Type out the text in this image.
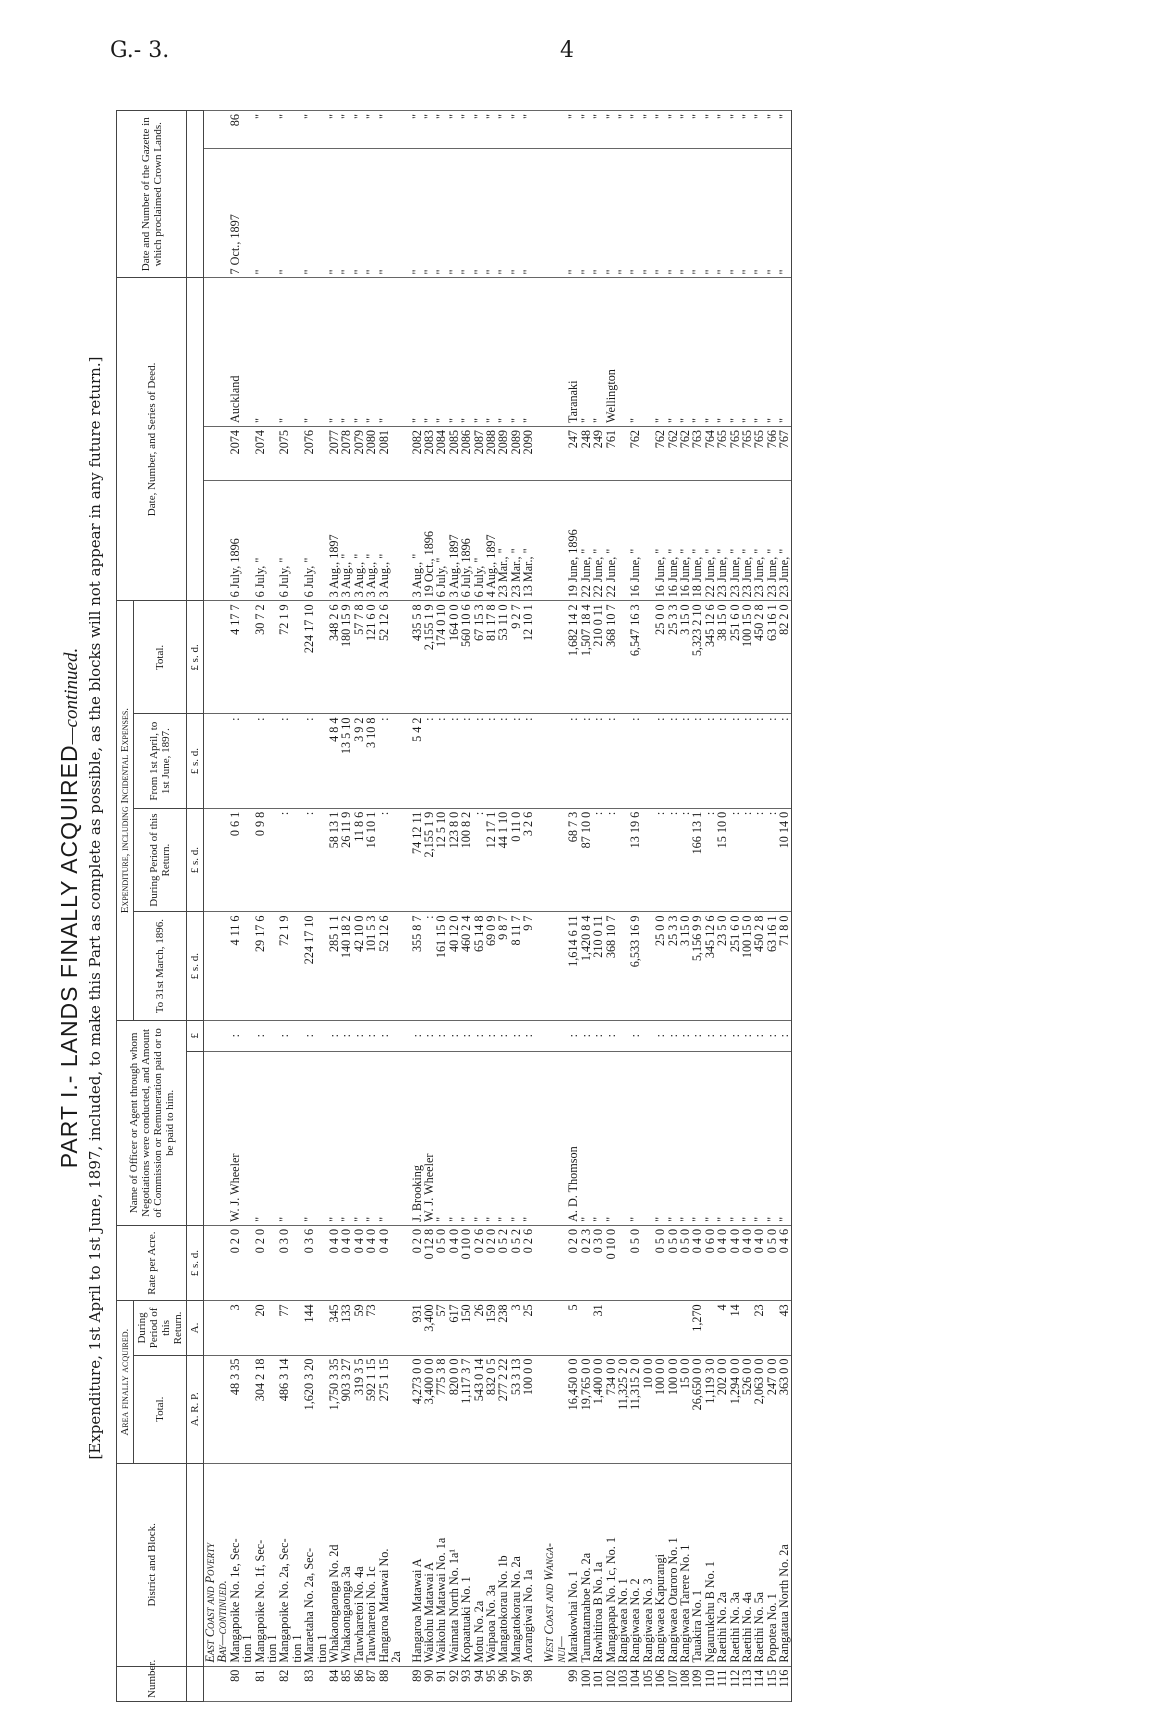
G.- 3.	4
PART I.- LANDS FINALLY ACQUIRED—continued. [Expenditure, 1st April to 1st June, 1897, included, to make this Part as complete as possible, as the blocks will not appear in any future return.]
Number.	District and Block.	Area finally acquired.		Rate per Acre.	Name of Officer or Agent through whom Negotiations were conducted, and Amount of Commission or Remuneration paid or to be paid to him.		Expenditure, including Incidental Expenses.				Date, Number, and Series of Deed.			Date and Number of the Gazette in which proclaimed Crown Lands.	
		Total.	During Period of this Return.				To 31st March, 1896.	During Period of this Return.	From 1st April, to 1st June, 1897.	Total.					
		A. R. P.	A.	£ s. d.		£	£ s. d.	£ s. d.	£ s. d.	£ s. d.					
	East Coast and Poverty														
	Bay—continued.														
80	Mangapoike No. 1e, Sec-	48 3 35	3	0 2 0	W. J. Wheeler	:	4 11 6	0 6 1	:	4 17 7	6 July, 1896	2074	Auckland	7 Oct., 1897	86
	tion 1														
81	Mangapoike No. 1f, Sec-	304 2 18	20	0 2 0	"	:	29 17 6	0 9 8	:	30 7 2	6 July, "	2074	"	"	"
	tion 1														
82	Mangapoike No. 2a, Sec-	486 3 14	77	0 3 0	"	:	72 1 9	:	:	72 1 9	6 July, "	2075	"	"	"
	tion 1														
83	Maraetaha No. 2a, Sec-	1,620 3 20	144	0 3 6	"	:	224 17 10	:	:	224 17 10	6 July, "	2076	"	"	"
	tion 1														
84	Whakaongaonga No. 2d	1,750 3 35	345	0 4 0	"	:	285 1 1	58 13 1	4 8 4	348 2 6	3 Aug., 1897	2077	"	"	"
85	Whakaongaonga 3a	903 3 27	133	0 4 0	"	:	140 18 2	26 11 9	13 5 10	180 15 9	3 Aug., "	2078	"	"	"
86	Tauwharetoi No. 4a	319 3 5	59	0 4 0	"	:	42 10 0	11 8 6	3 9 2	57 7 8	3 Aug., "	2079	"	"	"
87	Tauwharetoi No. 1c	592 1 15	73	0 4 0	"	:	101 5 3	16 10 1	3 10 8	121 6 0	3 Aug., "	2080	"	"	"
88	Hangaroa Matawai No.	275 1 15		0 4 0	"	:	52 12 6	:	:	52 12 6	3 Aug., "	2081	"	"	"
	2a														

89	Hangaroa Matawai A	4,273 0 0	931	0 2 0	J. Brooking	:	355 8 7	74 12 11	5 4 2	435 5 8	3 Aug., "	2082	"	"	"
90	Waikohu Matawai A	3,400 0 0	3,400	0 12 8	W. J. Wheeler	:	:	2,155 1 9	:	2,155 1 9	19 Oct., 1896	2083	"	"	"
91	Waikohu Matawai No. 1a	775 3 8	57	0 5 0	"	:	161 15 0	12 5 10	:	174 0 10	6 July, "	2084	"	"	"
92	Waimata North No. 1a¹	820 0 0	617	0 4 0	"	:	40 12 0	123 8 0	:	164 0 0	3 Aug., 1897	2085	"	"	"
93	Kopaatuaki No. 1	1,117 3 7	150	0 10 0	"	:	460 2 4	100 8 2	:	560 10 6	6 July, 1896	2086	"	"	"
94	Motu No. 2a	543 0 14	26	0 2 6	"	:	65 14 8	:	:	67 15 3	6 July, "	2087	"	"	"
95	Waipaoa No. 3a	832 0 5	159	0 2 0	"	:	69 0 9	12 17 1	:	81 17 8	4 Aug., 1897	2088	"	"	"
96	Mangatokorau No. 1b	277 2 22	238	0 5 2	"	:	9 8 7	44 1 10	:	53 11 0	23 Mar., "	2089	"	"	"
97	Mangatokorau No. 2a	53 3 13	3	0 5 2	"	:	8 11 7	0 11 0	:	9 2 7	23 Mar., "	2089	"	"	"
98	Aorangiwai No. 1a	100 0 0	25	0 2 6	"	:	9 7	3 2 6	:	12 10 1	13 Mar., "	2090	"	"	"

	West Coast and Wanga-														
	nui—														
99	Marakowhai No. 1	16,450 0 0	5	0 2 0	A. D. Thomson	:	1,614 6 11	68 7 3	:	1,682 14 2	19 June, 1896	247	Taranaki	"	"
100	Taumatamahoe No. 2a	19,765 0 0		0 2 3	"	:	1,420 8 4	87 10 0	:	1,507 18 4	22 June, "	248	"	"	"
101	Rawhitiroa B No. 1a	1,400 0 0	31	0 3 0	"	:	210 0 11	:	:	210 0 11	22 June, "	249	"	"	"
102	Mangapapa No. 1c, No. 1	734 0 0		0 10 0	"	:	368 10 7	:	:	368 10 7	22 June, "	761	Wellington	"	"
103	Rangiwaea No. 1	11,325 2 0												"	"
104	Rangiwaea No. 2	11,315 2 0		0 5 0	"	:	6,533 16 9	13 19 6	:	6,547 16 3	16 June, "	762	"	"	"
105	Rangiwaea No. 3	10 0 0												"	"
106	Rangiwaea Kapurangi	100 0 0		0 5 0	"	:	25 0 0	:	:	25 0 0	16 June, "	762	"	"	"
107	Rangiwaea Otaroro No. 1	100 0 0		0 5 0	"	:	25 3 3	:	:	25 3 3	16 June, "	762	"	"	"
108	Rangiwaea Tarere No. 1	15 0 0		0 5 0	"	:	3 15 0	:	:	3 15 0	16 June, "	762	"	"	"
109	Tauakira No. 1	26,650 0 0	1,270	0 4 0	"	:	5,156 9 9	166 13 1	:	5,323 2 10	18 June, "	763	"	"	"
110	Ngaurukehu B No. 1	1,119 3 0		0 6 0	"	:	345 12 6	:	:	345 12 6	22 June, "	764	"	"	"
111	Raetihi No. 2a	202 0 0	4	0 4 0	"	:	23 5 0	15 10 0	:	38 15 0	23 June, "	765	"	"	"
112	Raetihi No. 3a	1,294 0 0	14	0 4 0	"	:	251 6 0	:	:	251 6 0	23 June, "	765	"	"	"
113	Raetihi No. 4a	526 0 0		0 4 0	"	:	100 15 0	:	:	100 15 0	23 June, "	765	"	"	"
114	Raetihi No. 5a	2,063 0 0	23	0 4 0	"	:	450 2 8	:	:	450 2 8	23 June, "	765	"	"	"
115	Popotea No. 1	247 0 0		0 5 0	"	:	63 16 1	:	:	63 16 1	23 June, "	766	"	"	"
116	Rangataua North No. 2a	363 0 0	43	0 4 6	"	:	71 8 0	10 14 0	:	82 2 0	23 June, "	767	"	"	"
